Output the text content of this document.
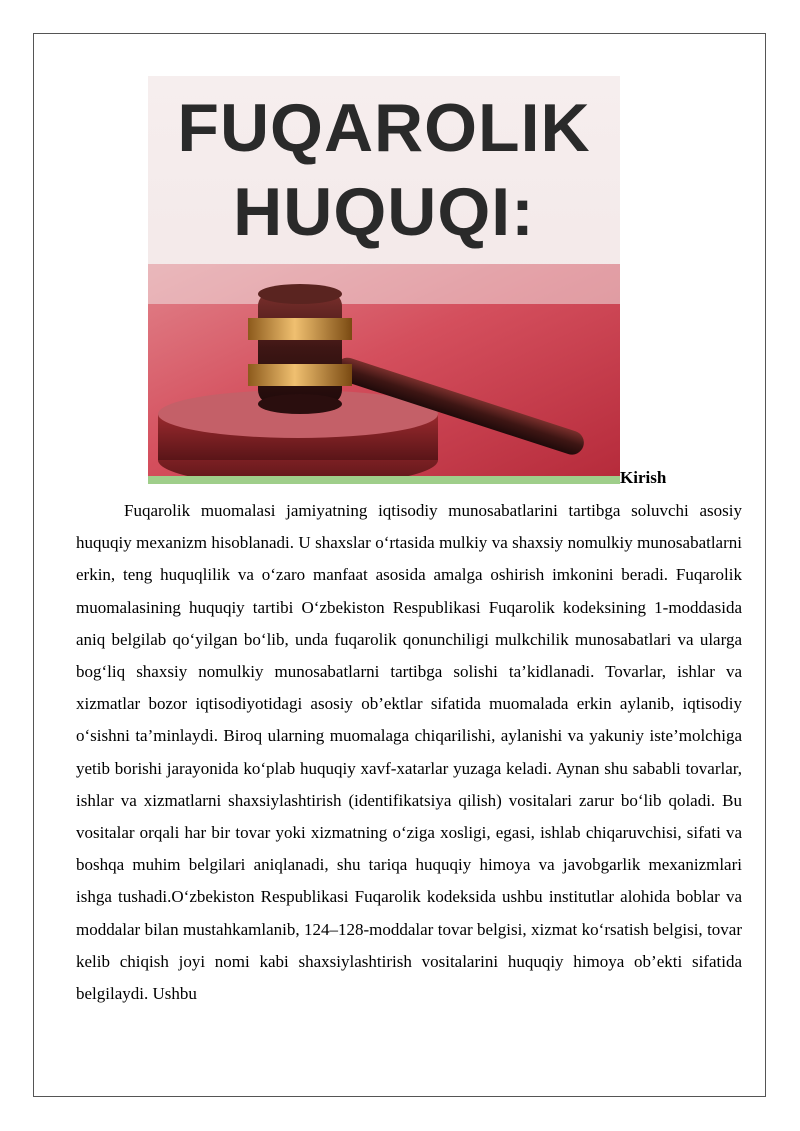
FUQAROLIK
HUQUQI:
Kirish

Fuqarolik muomalasi jamiyatning iqtisodiy munosabatlarini tartibga soluvchi asosiy huquqiy mexanizm hisoblanadi. U shaxslar o‘rtasida mulkiy va shaxsiy nomulkiy munosabatlarni erkin, teng huquqlilik va o‘zaro manfaat asosida amalga oshirish imkonini beradi. Fuqarolik muomalasining huquqiy tartibi O‘zbekiston Respublikasi Fuqarolik kodeksining 1-moddasida aniq belgilab qo‘yilgan bo‘lib, unda fuqarolik qonunchiligi mulkchilik munosabatlari va ularga bog‘liq shaxsiy nomulkiy munosabatlarni tartibga solishi ta’kidlanadi. Tovarlar, ishlar va xizmatlar bozor iqtisodiyotidagi asosiy ob’ektlar sifatida muomalada erkin aylanib, iqtisodiy o‘sishni ta’minlaydi. Biroq ularning muomalaga chiqarilishi, aylanishi va yakuniy iste’molchiga yetib borishi jarayonida ko‘plab huquqiy xavf-xatarlar yuzaga keladi. Aynan shu sababli tovarlar, ishlar va xizmatlarni shaxsiylashtirish (identifikatsiya qilish) vositalari zarur bo‘lib qoladi. Bu vositalar orqali har bir tovar yoki xizmatning o‘ziga xosligi, egasi, ishlab chiqaruvchisi, sifati va boshqa muhim belgilari aniqlanadi, shu tariqa huquqiy himoya va javobgarlik mexanizmlari ishga tushadi.O‘zbekiston Respublikasi Fuqarolik kodeksida ushbu institutlar alohida boblar va moddalar bilan mustahkamlanib, 124–128-moddalar tovar belgisi, xizmat ko‘rsatish belgisi, tovar kelib chiqish joyi nomi kabi shaxsiylashtirish vositalarini huquqiy himoya ob’ekti sifatida belgilaydi. Ushbu
